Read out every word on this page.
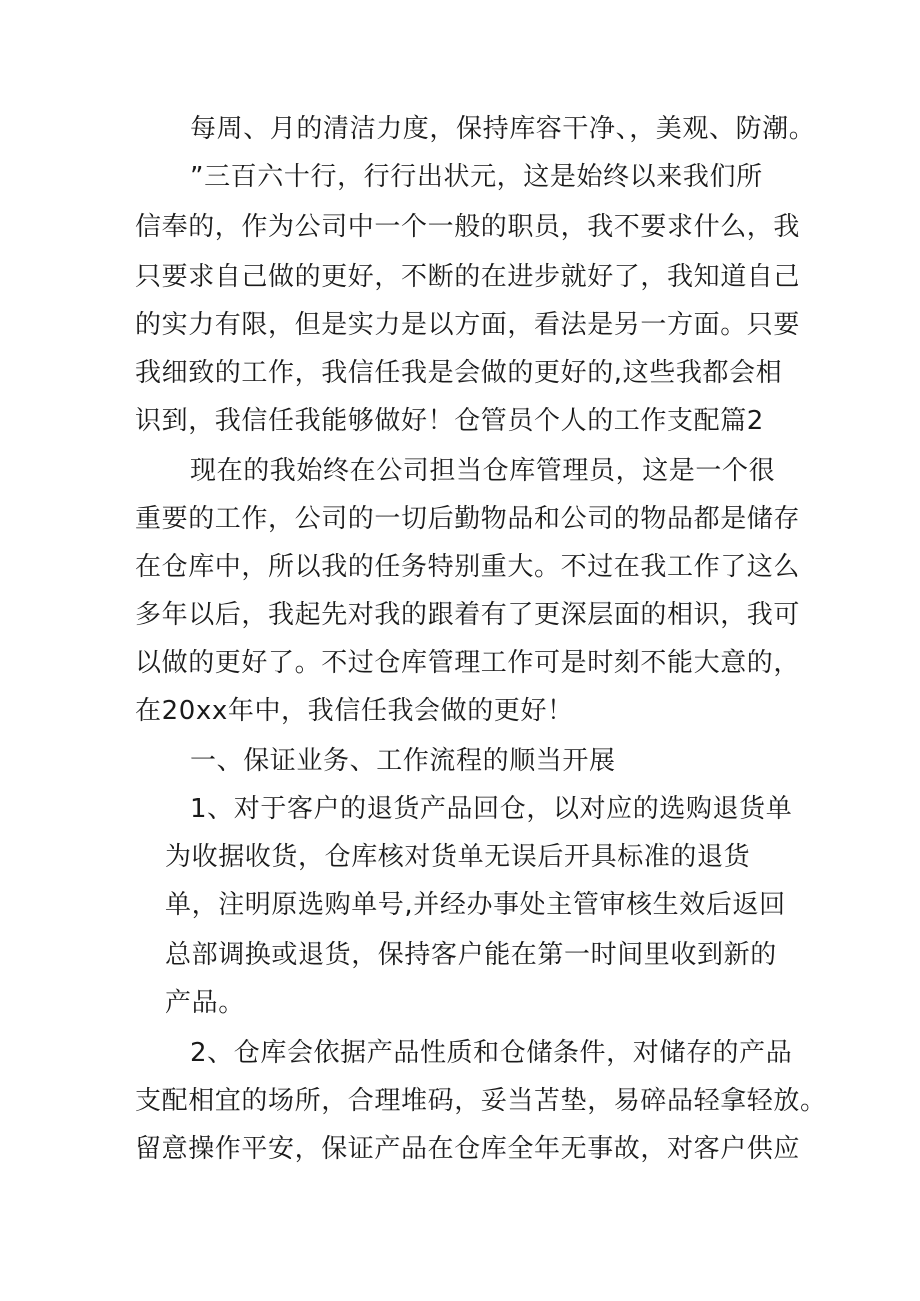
每周、月的清洁力度，保持库容干净、，美观、防潮。
”三百六十行，行行出状元，这是始终以来我们所
信奉的，作为公司中一个一般的职员，我不要求什么，我
只要求自己做的更好，不断的在进步就好了，我知道自己
的实力有限，但是实力是以方面，看法是另一方面。只要
我细致的工作，我信任我是会做的更好的,这些我都会相
识到，我信任我能够做好！仓管员个人的工作支配篇2
现在的我始终在公司担当仓库管理员，这是一个很
重要的工作，公司的一切后勤物品和公司的物品都是储存
在仓库中，所以我的任务特别重大。不过在我工作了这么
多年以后，我起先对我的跟着有了更深层面的相识，我可
以做的更好了。不过仓库管理工作可是时刻不能大意的，
在20xx年中，我信任我会做的更好！
一、保证业务、工作流程的顺当开展
1、对于客户的退货产品回仓，以对应的选购退货单
为收据收货，仓库核对货单无误后开具标准的退货
单，注明原选购单号,并经办事处主管审核生效后返回
总部调换或退货，保持客户能在第一时间里收到新的
产品。
2、仓库会依据产品性质和仓储条件，对储存的产品
支配相宜的场所，合理堆码，妥当苫垫，易碎品轻拿轻放。
留意操作平安，保证产品在仓库全年无事故，对客户供应
